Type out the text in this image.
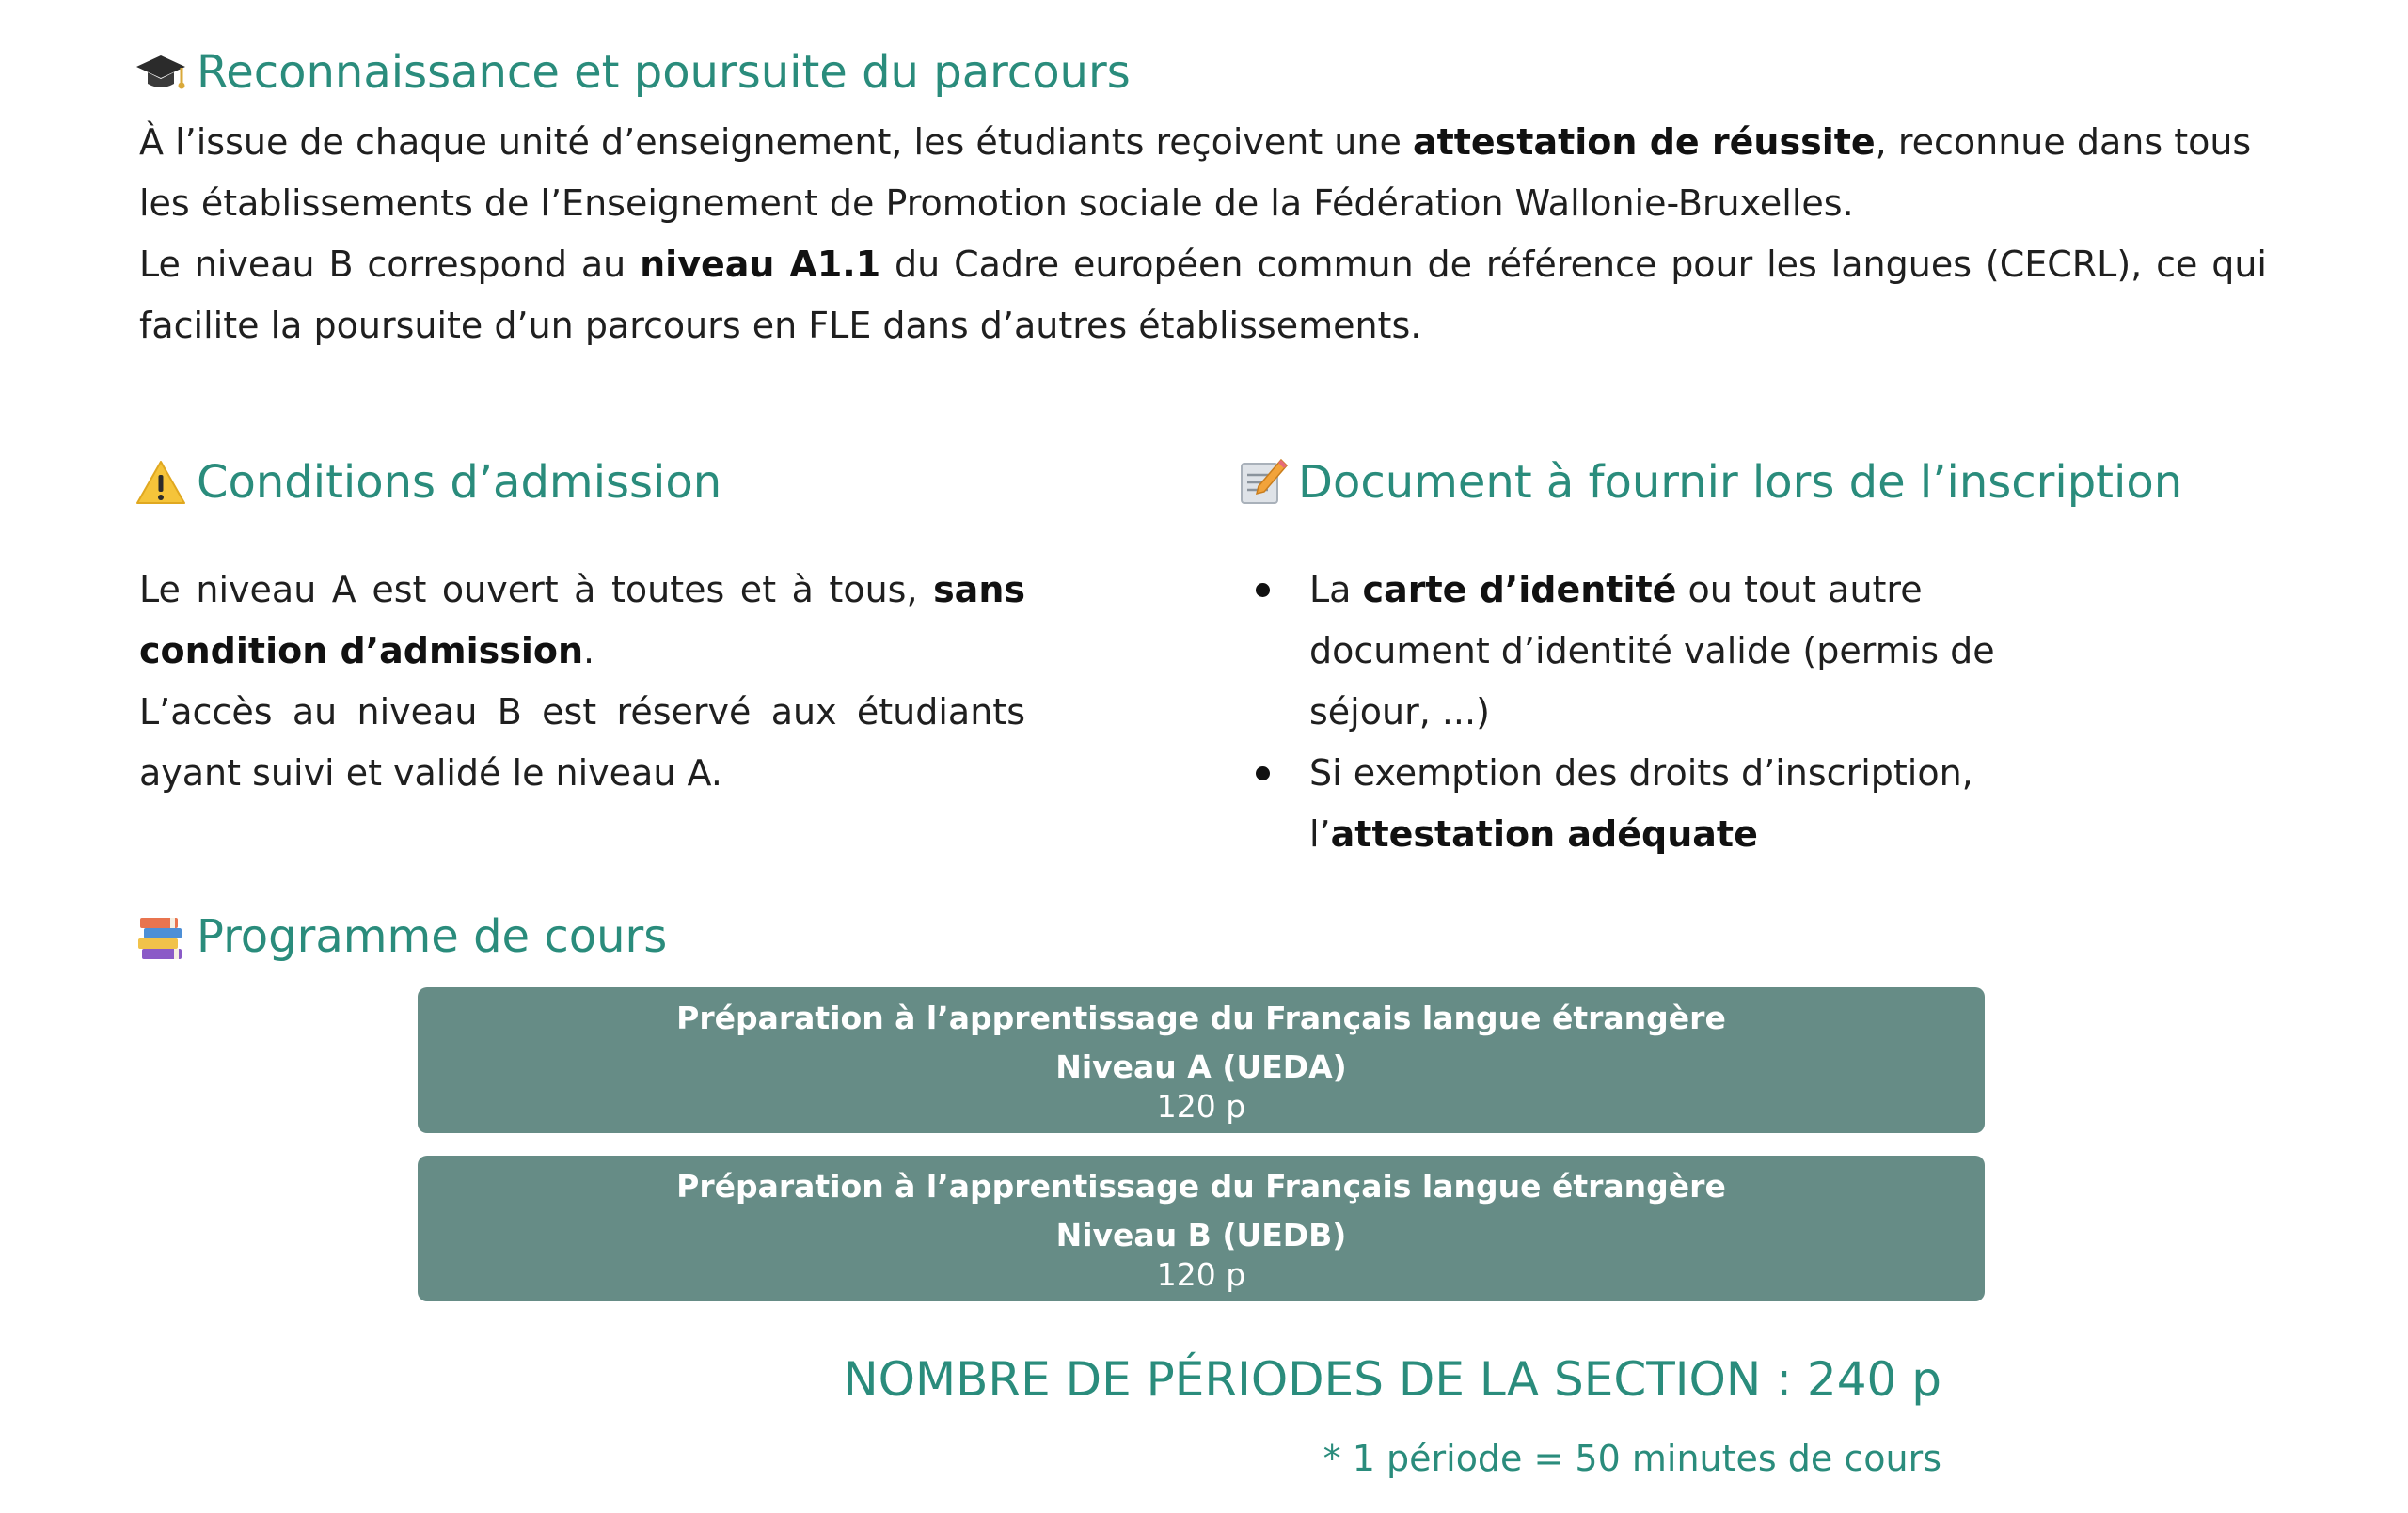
Reconnaissance et poursuite du parcours

À l’issue de chaque unité d’enseignement, les étudiants reçoivent une attestation de réussite, reconnue dans tous les établissements de l’Enseignement de Promotion sociale de la Fédération Wallonie-Bruxelles.

Le niveau B correspond au niveau A1.1 du Cadre européen commun de référence pour les langues (CECRL), ce qui facilite la poursuite d’un parcours en FLE dans d’autres établissements.

Conditions d’admission

Le niveau A est ouvert à toutes et à tous, sans condition d’admission.

L’accès au niveau B est réservé aux étudiants ayant suivi et validé le niveau A.

Document à fournir lors de l’inscription
La carte d’identité ou tout autre document d’identité valide (permis de séjour, ...)
Si exemption des droits d’inscription, l’attestation adéquate
Programme de cours
Préparation à l’apprentissage du Français langue étrangère
Niveau A (UEDA)
120 p
Préparation à l’apprentissage du Français langue étrangère
Niveau B (UEDB)
120 p

NOMBRE DE PÉRIODES DE LA SECTION : 240 p

* 1 période = 50 minutes de cours
